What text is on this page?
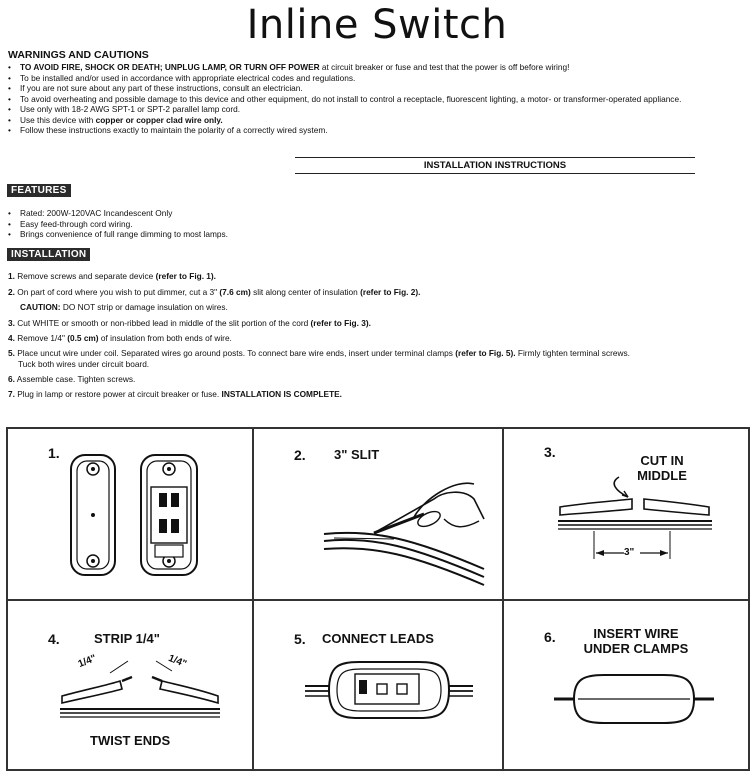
Inline Switch
WARNINGS AND CAUTIONS
• TO AVOID FIRE, SHOCK OR DEATH; UNPLUG LAMP, OR TURN OFF POWER at circuit breaker or fuse and test that the power is off before wiring!
• To be installed and/or used in accordance with appropriate electrical codes and regulations.
• If you are not sure about any part of these instructions, consult an electrician.
• To avoid overheating and possible damage to this device and other equipment, do not install to control a receptacle, fluorescent lighting, a motor- or transformer-operated appliance.
• Use only with 18-2 AWG SPT-1 or SPT-2 parallel lamp cord.
• Use this device with copper or copper clad wire only.
• Follow these instructions exactly to maintain the polarity of a correctly wired system.
INSTALLATION INSTRUCTIONS
FEATURES
• Rated: 200W-120VAC Incandescent Only
• Easy feed-through cord wiring.
• Brings convenience of full range dimming to most lamps.
INSTALLATION
1. Remove screws and separate device (refer to Fig. 1).
2. On part of cord where you wish to put dimmer, cut a 3" (7.6 cm) slit along center of insulation (refer to Fig. 2).
CAUTION: DO NOT strip or damage insulation on wires.
3. Cut WHITE or smooth or non-ribbed lead in middle of the slit portion of the cord (refer to Fig. 3).
4. Remove 1/4" (0.5 cm) of insulation from both ends of wire.
5. Place uncut wire under coil. Separated wires go around posts. To connect bare wire ends, insert under terminal clamps (refer to Fig. 5). Firmly tighten terminal screws.
Tuck both wires under circuit board.
6. Assemble case. Tighten screws.
7. Plug in lamp or restore power at circuit breaker or fuse. INSTALLATION IS COMPLETE.
1.	2. 3" SLIT	3.
CUT IN
MIDDLE
3"
4.	STRIP 1/4"
1/4"	1/4"
TWIST ENDS
5. CONNECT LEADS	6.	INSERT WIRE
UNDER CLAMPS
